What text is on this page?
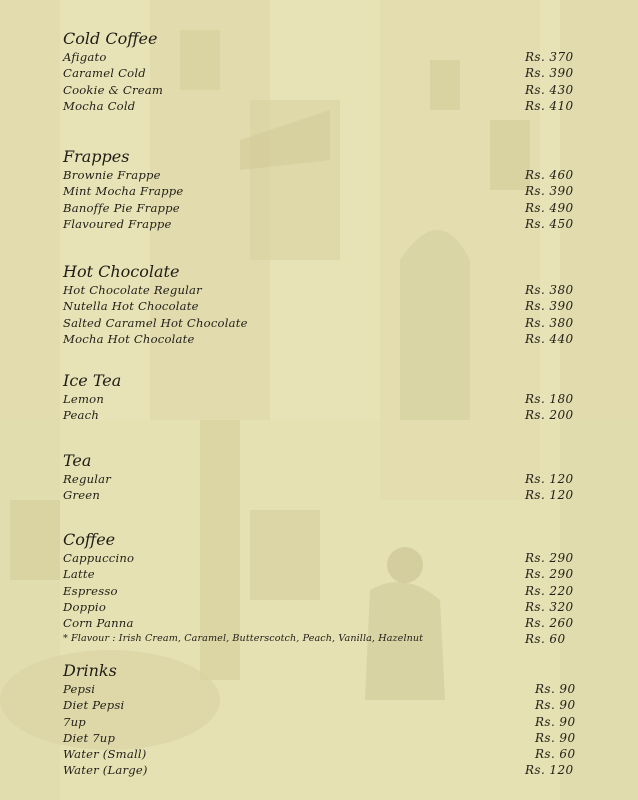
Cold Coffee
Afigato	Rs. 370
Caramel Cold	Rs. 390
Cookie & Cream	Rs. 430
Mocha Cold	Rs. 410
Frappes
Brownie Frappe	Rs. 460
Mint Mocha Frappe	Rs. 390
Banoffe Pie Frappe	Rs. 490
Flavoured Frappe	Rs. 450
Hot Chocolate
Hot Chocolate Regular	Rs. 380
Nutella Hot Chocolate	Rs. 390
Salted Caramel Hot Chocolate	Rs. 380
Mocha Hot Chocolate	Rs. 440
Ice Tea
Lemon	Rs. 180
Peach	Rs. 200
Tea
Regular	Rs. 120
Green	Rs. 120
Coffee
Cappuccino	Rs. 290
Latte	Rs. 290
Espresso	Rs. 220
Doppio	Rs. 320
Corn Panna	Rs. 260
* Flavour : Irish Cream, Caramel, Butterscotch, Peach, Vanilla, Hazelnut	Rs. 60
Drinks
Pepsi	Rs. 90
Diet Pepsi	Rs. 90
7up	Rs. 90
Diet 7up	Rs. 90
Water (Small)	Rs. 60
Water (Large)	Rs. 120
